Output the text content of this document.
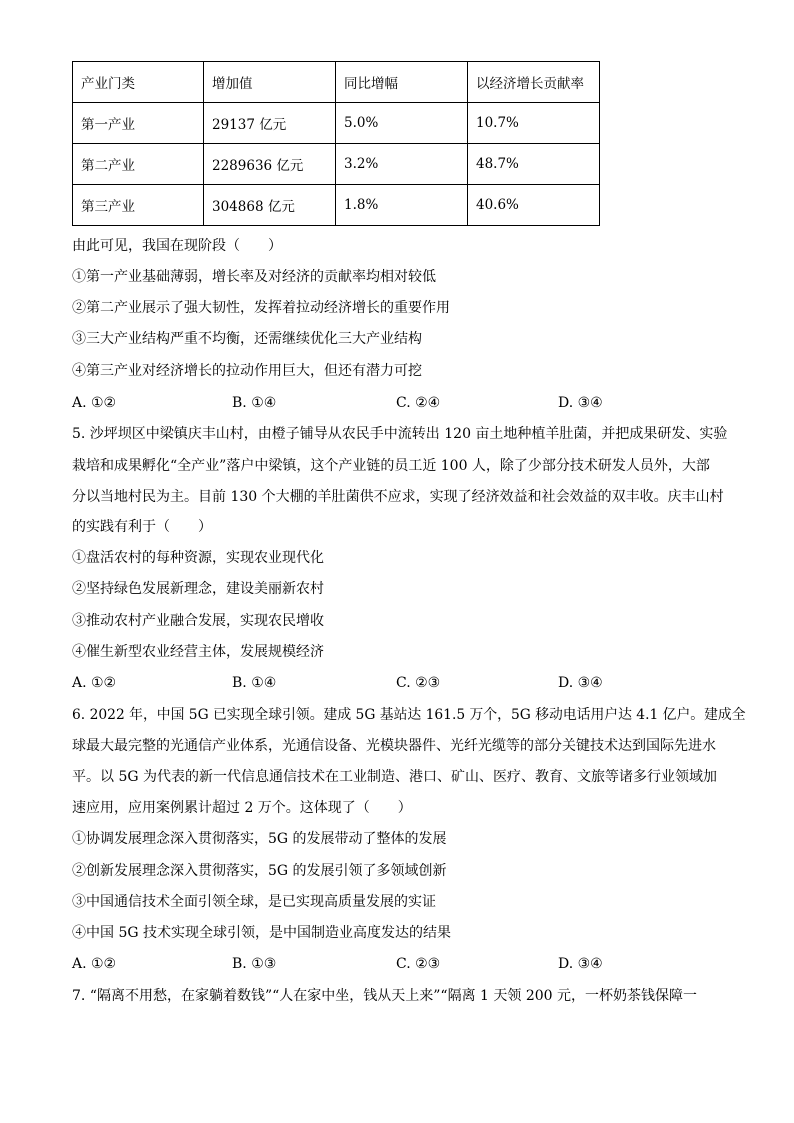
产业门类	增加值	同比增幅	以经济增长贡献率
第一产业	29137 亿元	5.0%	10.7%
第二产业	2289636 亿元	3.2%	48.7%
第三产业	304868 亿元	1.8%	40.6%
由此可见，我国在现阶段（　　）
①第一产业基础薄弱，增长率及对经济的贡献率均相对较低
②第二产业展示了强大韧性，发挥着拉动经济增长的重要作用
③三大产业结构严重不均衡，还需继续优化三大产业结构
④第三产业对经济增长的拉动作用巨大，但还有潜力可挖
A. ①②	B. ①④	C. ②④	D. ③④
5. 沙坪坝区中梁镇庆丰山村，由橙子铺导从农民手中流转出 120 亩土地种植羊肚菌，并把成果研发、实验
栽培和成果孵化“全产业”落户中梁镇，这个产业链的员工近 100 人，除了少部分技术研发人员外，大部
分以当地村民为主。目前 130 个大棚的羊肚菌供不应求，实现了经济效益和社会效益的双丰收。庆丰山村
的实践有利于（　　）
①盘活农村的每种资源，实现农业现代化
②坚持绿色发展新理念，建设美丽新农村
③推动农村产业融合发展，实现农民增收
④催生新型农业经营主体，发展规模经济
A. ①②	B. ①④	C. ②③	D. ③④
6. 2022 年，中国 5G 已实现全球引领。建成 5G 基站达 161.5 万个，5G 移动电话用户达 4.1 亿户。建成全
球最大最完整的光通信产业体系，光通信设备、光模块器件、光纤光缆等的部分关键技术达到国际先进水
平。以 5G 为代表的新一代信息通信技术在工业制造、港口、矿山、医疗、教育、文旅等诸多行业领域加
速应用，应用案例累计超过 2 万个。这体现了（　　）
①协调发展理念深入贯彻落实，5G 的发展带动了整体的发展
②创新发展理念深入贯彻落实，5G 的发展引领了多领域创新
③中国通信技术全面引领全球，是已实现高质量发展的实证
④中国 5G 技术实现全球引领，是中国制造业高度发达的结果
A. ①②	B. ①③	C. ②③	D. ③④
7. “隔离不用愁，在家躺着数钱”“人在家中坐，钱从天上来”“隔离 1 天领 200 元，一杯奶茶钱保障一
